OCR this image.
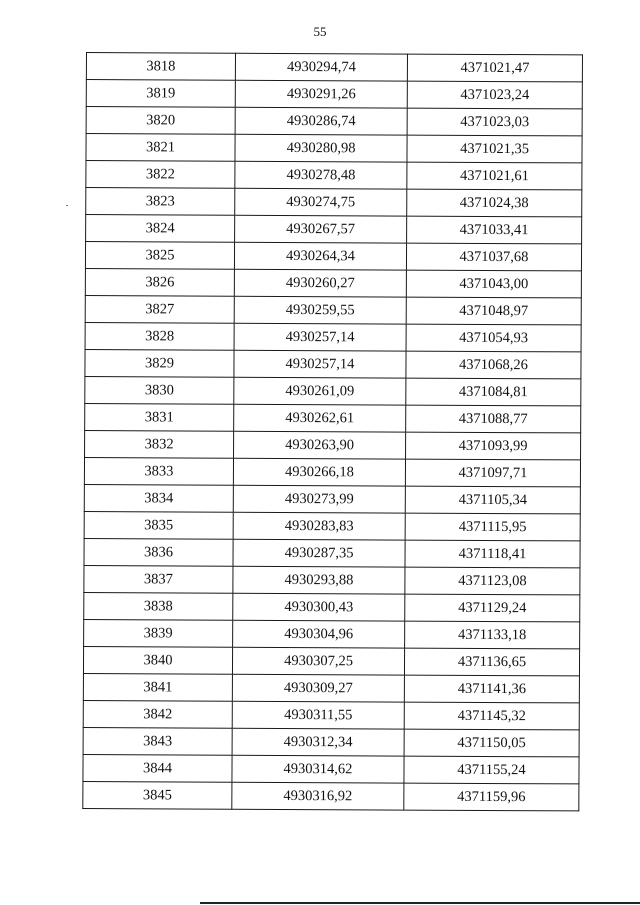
55
3818	4930294,74	4371021,47
3819	4930291,26	4371023,24
3820	4930286,74	4371023,03
3821	4930280,98	4371021,35
3822	4930278,48	4371021,61
3823	4930274,75	4371024,38
3824	4930267,57	4371033,41
3825	4930264,34	4371037,68
3826	4930260,27	4371043,00
3827	4930259,55	4371048,97
3828	4930257,14	4371054,93
3829	4930257,14	4371068,26
3830	4930261,09	4371084,81
3831	4930262,61	4371088,77
3832	4930263,90	4371093,99
3833	4930266,18	4371097,71
3834	4930273,99	4371105,34
3835	4930283,83	4371115,95
3836	4930287,35	4371118,41
3837	4930293,88	4371123,08
3838	4930300,43	4371129,24
3839	4930304,96	4371133,18
3840	4930307,25	4371136,65
3841	4930309,27	4371141,36
3842	4930311,55	4371145,32
3843	4930312,34	4371150,05
3844	4930314,62	4371155,24
3845	4930316,92	4371159,96
